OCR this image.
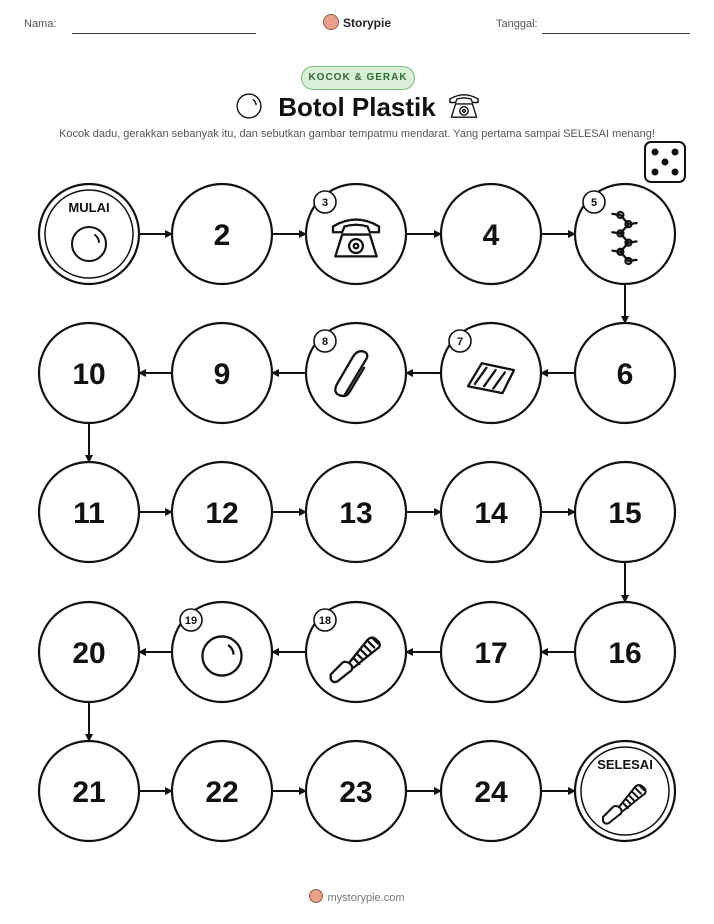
Nama:	Storypie	Tanggal:
KOCOK & GERAK
Botol Plastik
Kocok dadu, gerakkan sebanyak itu, dan sebutkan gambar tempatmu mendarat. Yang pertama sampai SELESAI menang!
MULAI
2
3
4
5
10	9
8	7
6
11	12	13	14	15
20
19	18
17	16
21	22	23	24
SELESAI
mystorypie.com
